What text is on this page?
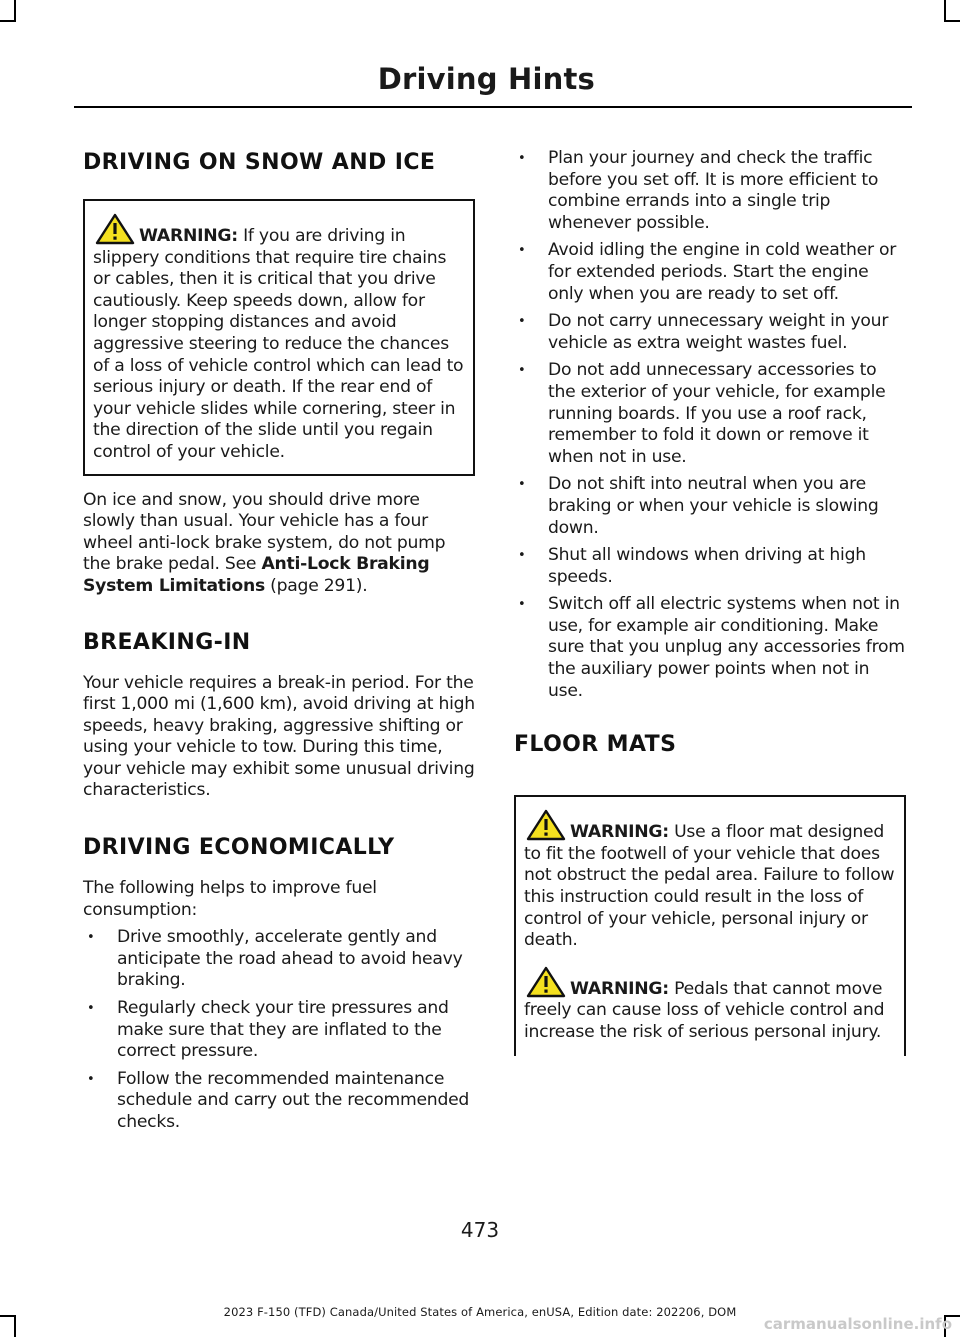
Driving Hints
DRIVING ON SNOW AND ICE
WARNING: If you are driving in slippery conditions that require tire chains or cables, then it is critical that you drive cautiously. Keep speeds down, allow for longer stopping distances and avoid aggressive steering to reduce the chances of a loss of vehicle control which can lead to serious injury or death. If the rear end of your vehicle slides while cornering, steer in the direction of the slide until you regain control of your vehicle.

On ice and snow, you should drive more slowly than usual. Your vehicle has a four wheel anti-lock brake system, do not pump the brake pedal. See Anti-Lock Braking System Limitations (page 291).

BREAKING-IN

Your vehicle requires a break-in period. For the first 1,000 mi (1,600 km), avoid driving at high speeds, heavy braking, aggressive shifting or using your vehicle to tow. During this time, your vehicle may exhibit some unusual driving characteristics.

DRIVING ECONOMICALLY

The following helps to improve fuel consumption:

• Drive smoothly, accelerate gently and anticipate the road ahead to avoid heavy braking.
• Regularly check your tire pressures and make sure that they are inflated to the correct pressure.
• Follow the recommended maintenance schedule and carry out the recommended checks.
• Plan your journey and check the traffic before you set off. It is more efficient to combine errands into a single trip whenever possible.
• Avoid idling the engine in cold weather or for extended periods. Start the engine only when you are ready to set off.
• Do not carry unnecessary weight in your vehicle as extra weight wastes fuel.
• Do not add unnecessary accessories to the exterior of your vehicle, for example running boards. If you use a roof rack, remember to fold it down or remove it when not in use.
• Do not shift into neutral when you are braking or when your vehicle is slowing down.
• Shut all windows when driving at high speeds.
• Switch off all electric systems when not in use, for example air conditioning. Make sure that you unplug any accessories from the auxiliary power points when not in use.
FLOOR MATS
WARNING: Use a floor mat designed to fit the footwell of your vehicle that does not obstruct the pedal area. Failure to follow this instruction could result in the loss of control of your vehicle, personal injury or death.
WARNING: Pedals that cannot move freely can cause loss of vehicle control and increase the risk of serious personal injury.
473
2023 F-150 (TFD) Canada/United States of America, enUSA, Edition date: 202206, DOM
carmanualsonline.info
